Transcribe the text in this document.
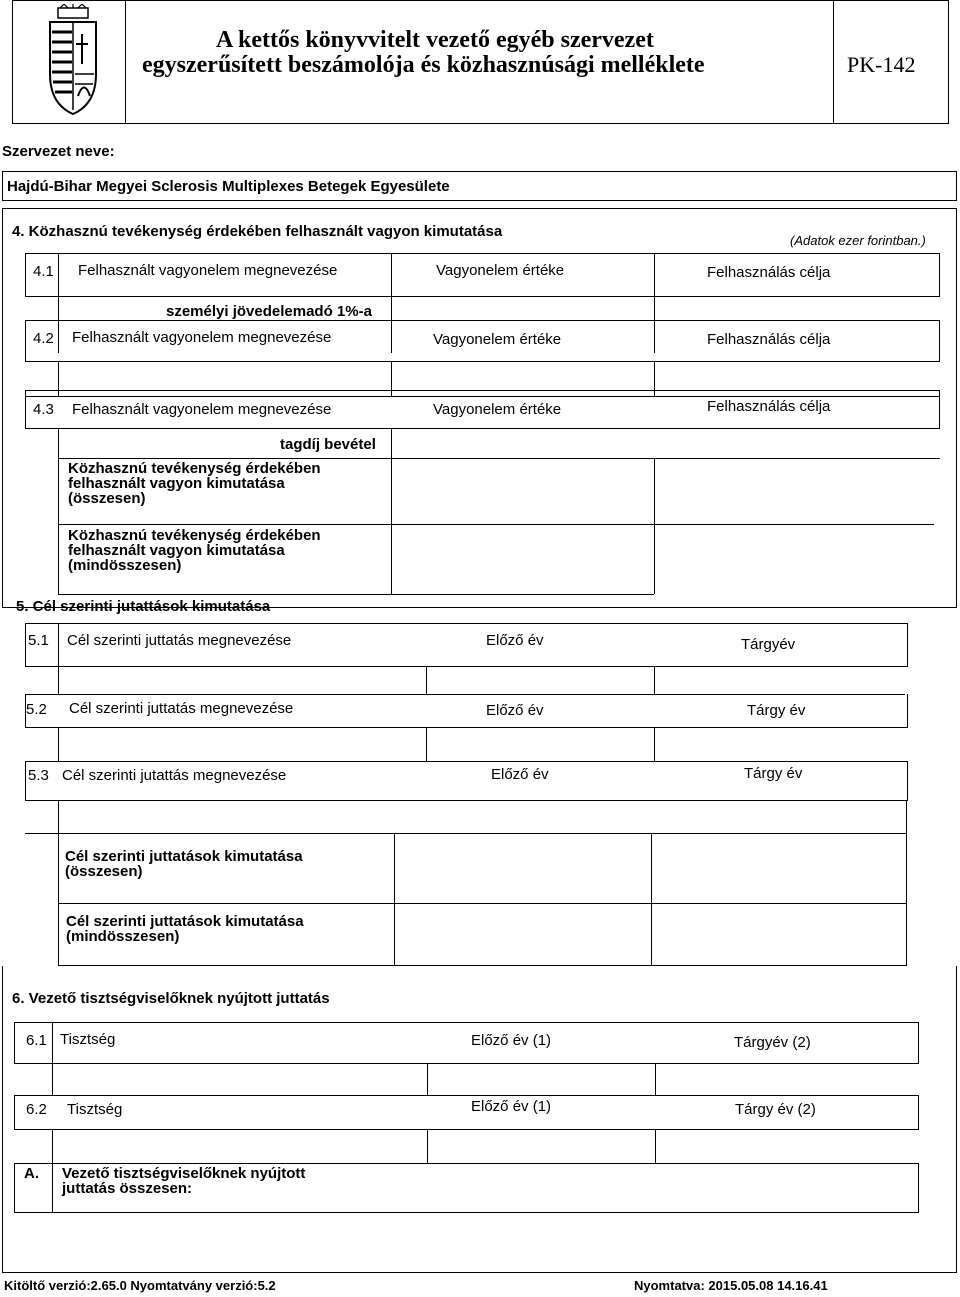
A kettős könyvvitelt vezető egyéb szervezet
egyszerűsített beszámolója és közhasznúsági melléklete	PK-142
Szervezet neve:
Hajdú-Bihar Megyei Sclerosis Multiplexes Betegek Egyesülete
4. Közhasznú tevékenység érdekében felhasznált vagyon kimutatása
(Adatok ezer forintban.)
4.1 Felhasznált vagyonelem megnevezése	Vagyonelem értéke	Felhasználás célja
személyi jövedelemadó 1%-a
4.2 Felhasznált vagyonelem megnevezése	Vagyonelem értéke	Felhasználás célja
4.3 Felhasznált vagyonelem megnevezése	Vagyonelem értéke	Felhasználás célja
tagdíj bevétel
Közhasznú tevékenység érdekében
felhasznált vagyon kimutatása
(összesen)
Közhasznú tevékenység érdekében
felhasznált vagyon kimutatása
(mindösszesen)
5. Cél szerinti jutattások kimutatása
5.1 Cél szerinti juttatás megnevezése	Előző év	Tárgyév
5.2 Cél szerinti juttatás megnevezése	Előző év	Tárgy év
5.3 Cél szerinti jutattás megnevezése	Előző év	Tárgy év
Cél szerinti juttatások kimutatása
(összesen)
Cél szerinti juttatások kimutatása
(mindösszesen)
6. Vezető tisztségviselőknek nyújtott juttatás
6.1 Tisztség	Előző év (1)	Tárgyév (2)
6.2 Tisztség	Előző év (1)	Tárgy év (2)
A. Vezető tisztségviselőknek nyújtott
juttatás összesen:
Kitöltő verzió:2.65.0 Nyomtatvány verzió:5.2	Nyomtatva: 2015.05.08 14.16.41
